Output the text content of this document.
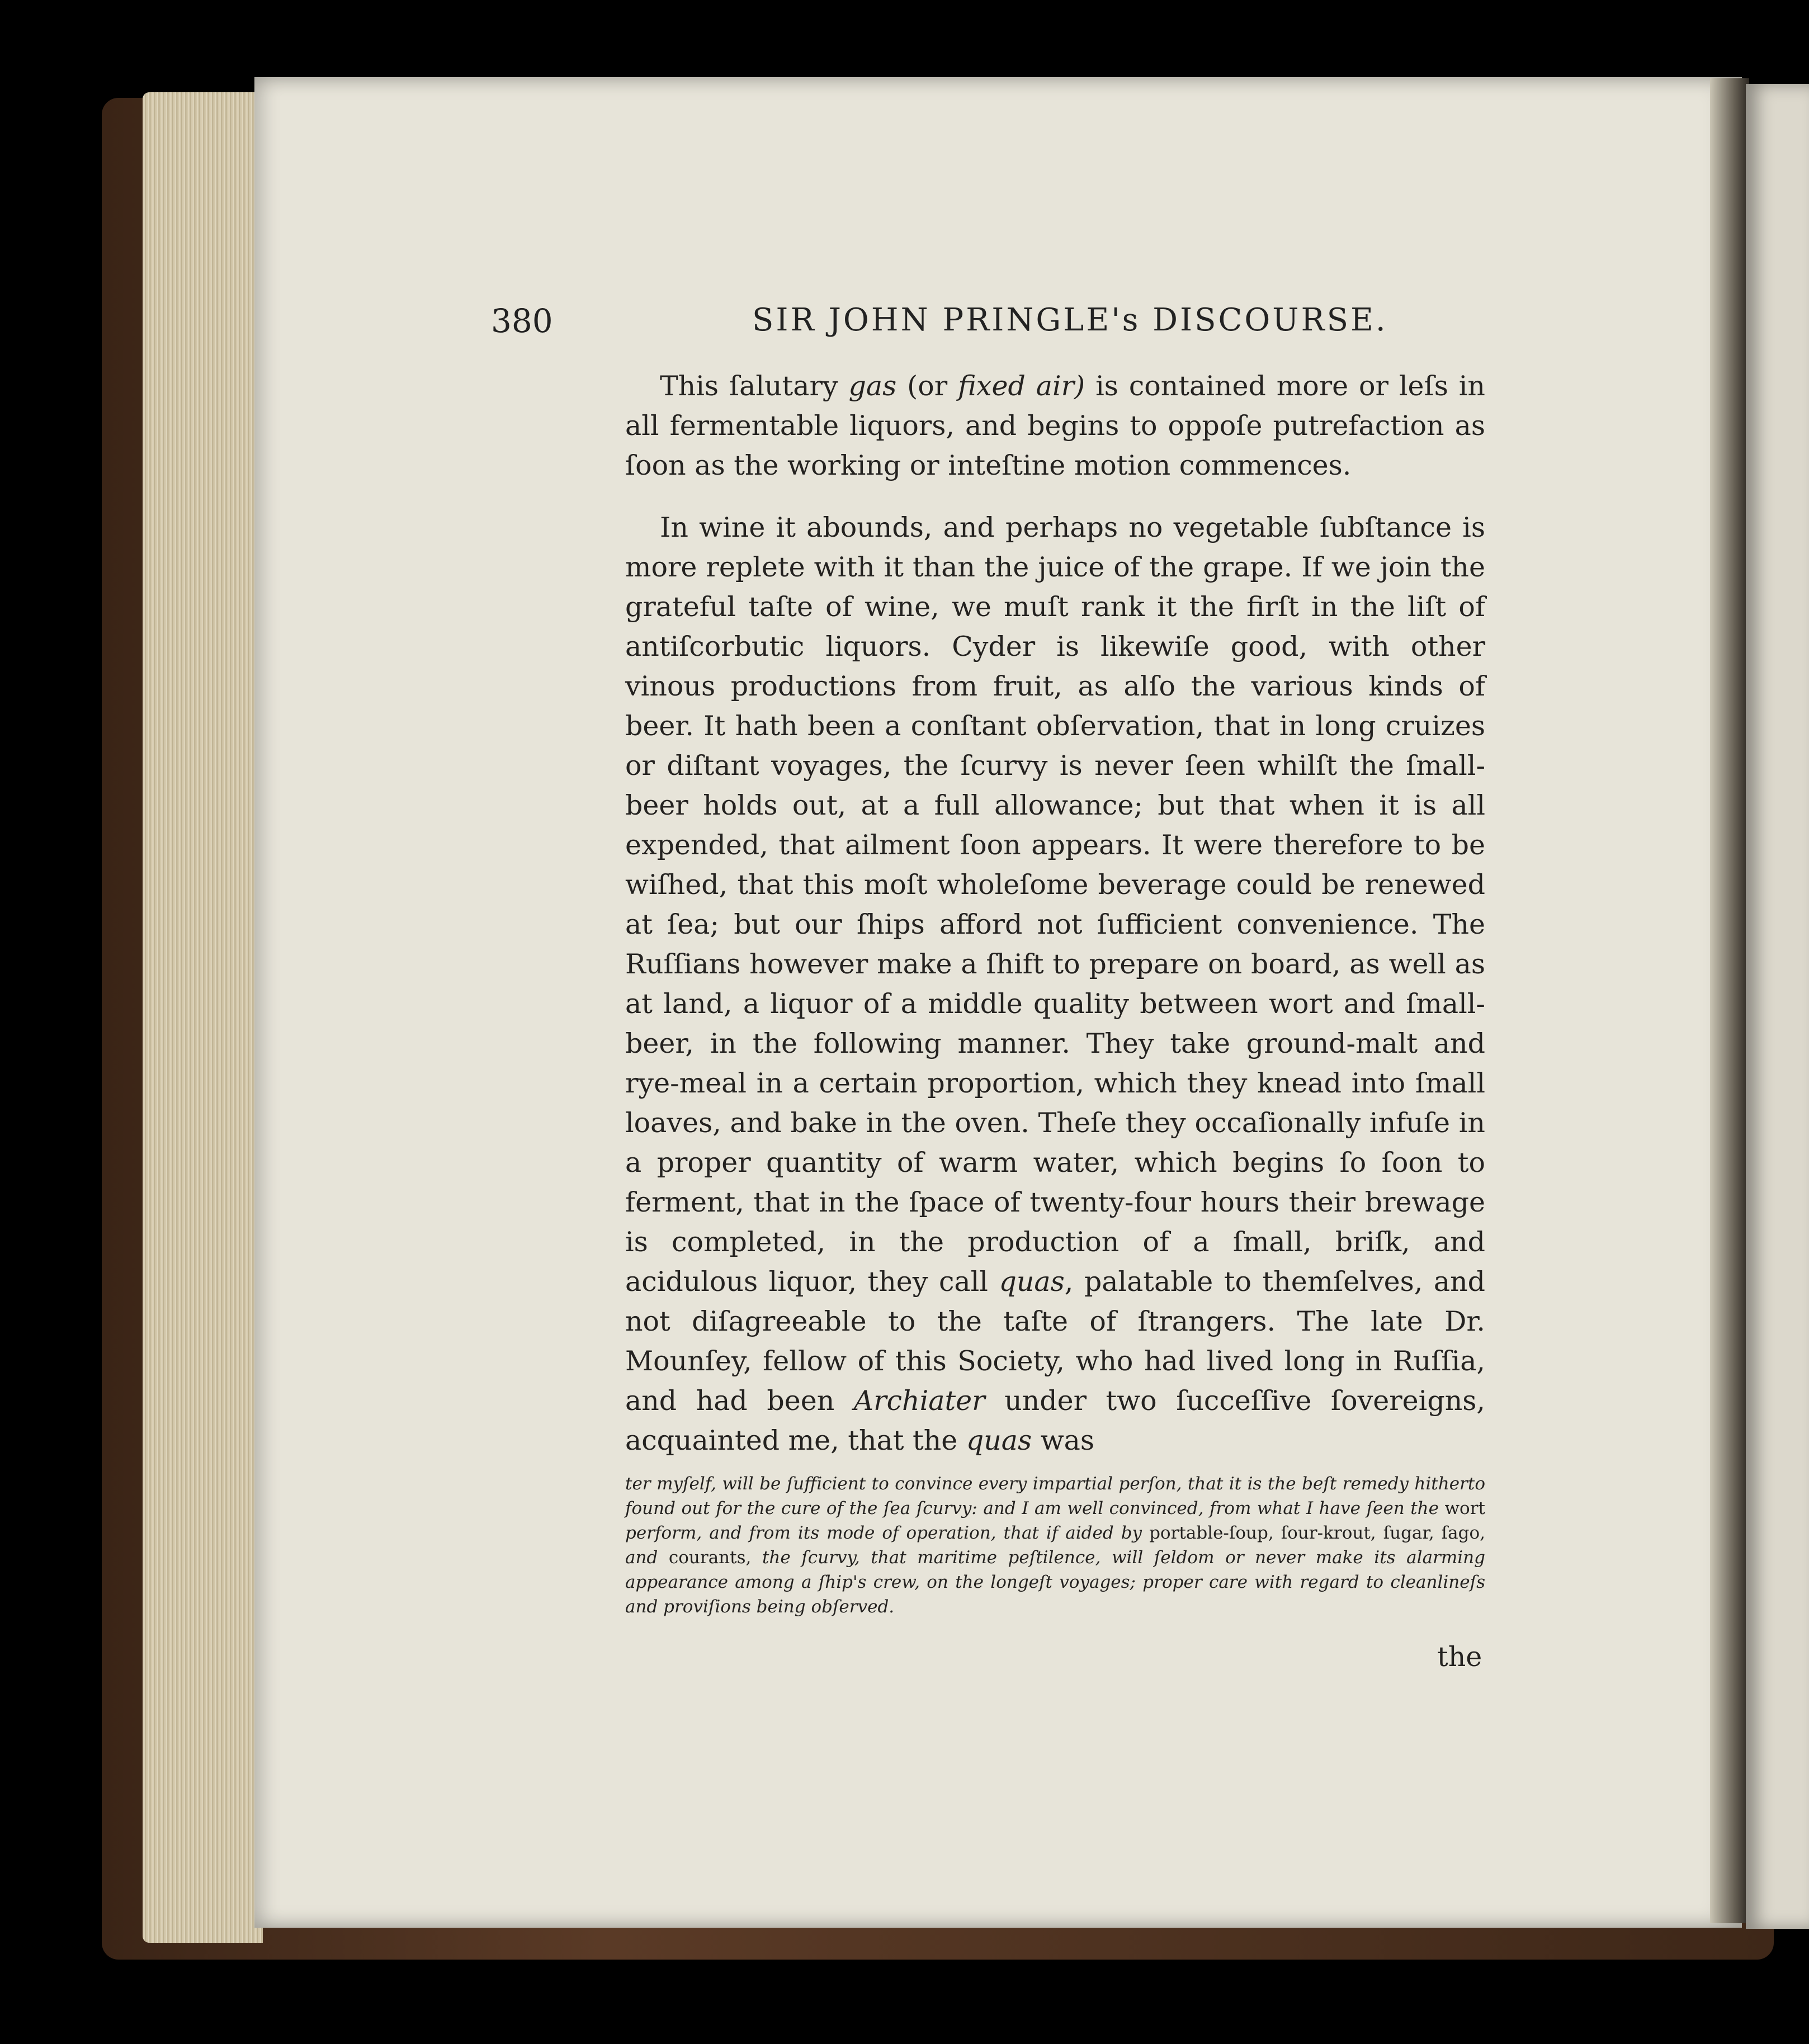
380	SIR JOHN PRINGLE's DISCOURSE.

This ſalutary gas (or fixed air) is contained more or leſs in all fermentable liquors, and begins to oppoſe putrefaction as ſoon as the working or inteſtine motion commences.

In wine it abounds, and perhaps no vegetable ſubſtance is more replete with it than the juice of the grape. If we join the grateful taſte of wine, we muſt rank it the firſt in the liſt of antiſcorbutic liquors. Cyder is likewiſe good, with other vinous productions from fruit, as alſo the various kinds of beer. It hath been a conſtant obſervation, that in long cruizes or diſtant voyages, the ſcurvy is never ſeen whilſt the ſmall-beer holds out, at a full allowance; but that when it is all expended, that ailment ſoon appears. It were therefore to be wiſhed, that this moſt wholeſome beverage could be renewed at ſea; but our ſhips afford not ſufficient convenience. The Ruſſians however make a ſhift to prepare on board, as well as at land, a liquor of a middle quality between wort and ſmall-beer, in the following manner. They take ground-malt and rye-meal in a certain proportion, which they knead into ſmall loaves, and bake in the oven. Theſe they occaſionally infuſe in a proper quantity of warm water, which begins ſo ſoon to ferment, that in the ſpace of twenty-four hours their brewage is completed, in the production of a ſmall, briſk, and acidulous liquor, they call quas, palatable to themſelves, and not diſagreeable to the taſte of ſtrangers. The late Dr. Mounſey, fellow of this Society, who had lived long in Ruſſia, and had been Archiater under two ſucceſſive ſovereigns, acquainted me, that the quas was

ter myſelf, will be ſufficient to convince every impartial perſon, that it is the beſt remedy hitherto found out for the cure of the ſea ſcurvy: and I am well convinced, from what I have ſeen the wort perform, and from its mode of operation, that if aided by portable-ſoup, ſour-krout, ſugar, ſago, and courants, the ſcurvy, that maritime peſtilence, will ſeldom or never make its alarming appearance among a ſhip's crew, on the longeſt voyages; proper care with regard to cleanlineſs and proviſions being obſerved.
the
